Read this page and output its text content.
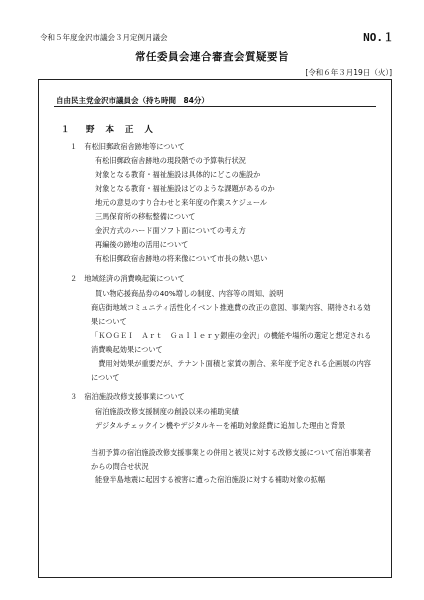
令和５年度金沢市議会３月定例月議会	NO.１
常任委員会連合審査会質疑要旨
[令和６年３月19日（火）]
自由民主党金沢市議員会（持ち時間　84分）
１　野 本 正 人
１　有松旧郵政宿舎跡地等について
有松旧郵政宿舎跡地の現段階での予算執行状況
対象となる教育・福祉施設は具体的にどこの施設か
対象となる教育・福祉施設はどのような課題があるのか
地元の意見のすり合わせと来年度の作業スケジュール
三馬保育所の移転整備について
金沢方式のハード面ソフト面についての考え方
再編後の跡地の活用について
有松旧郵政宿舎跡地の将来像について市長の熱い思い
２　地域経済の消費喚起策について
買い物応援商品券の40%増しの制度、内容等の周知、説明
商店街地域コミュニティ活性化イベント推進費の改正の意図、事業内容、期待される効果について
「ＫＯＧＥＩ　Ａｒｔ　Ｇａｌｌｅｒｙ銀座の金沢」の機能や場所の選定と想定される消費喚起効果について
　費用対効果が重要だが、テナント面積と家賃の割合、来年度予定される企画展の内容について
３　宿泊施設改修支援事業について
宿泊施設改修支援制度の創設以来の補助実績
デジタルチェックイン機やデジタルキーを補助対象経費に追加した理由と背景
当初予算の宿泊施設改修支援事業との併用と被災に対する改修支援について宿泊事業者からの問合せ状況
能登半島地震に起因する被害に遭った宿泊施設に対する補助対象の拡幅
